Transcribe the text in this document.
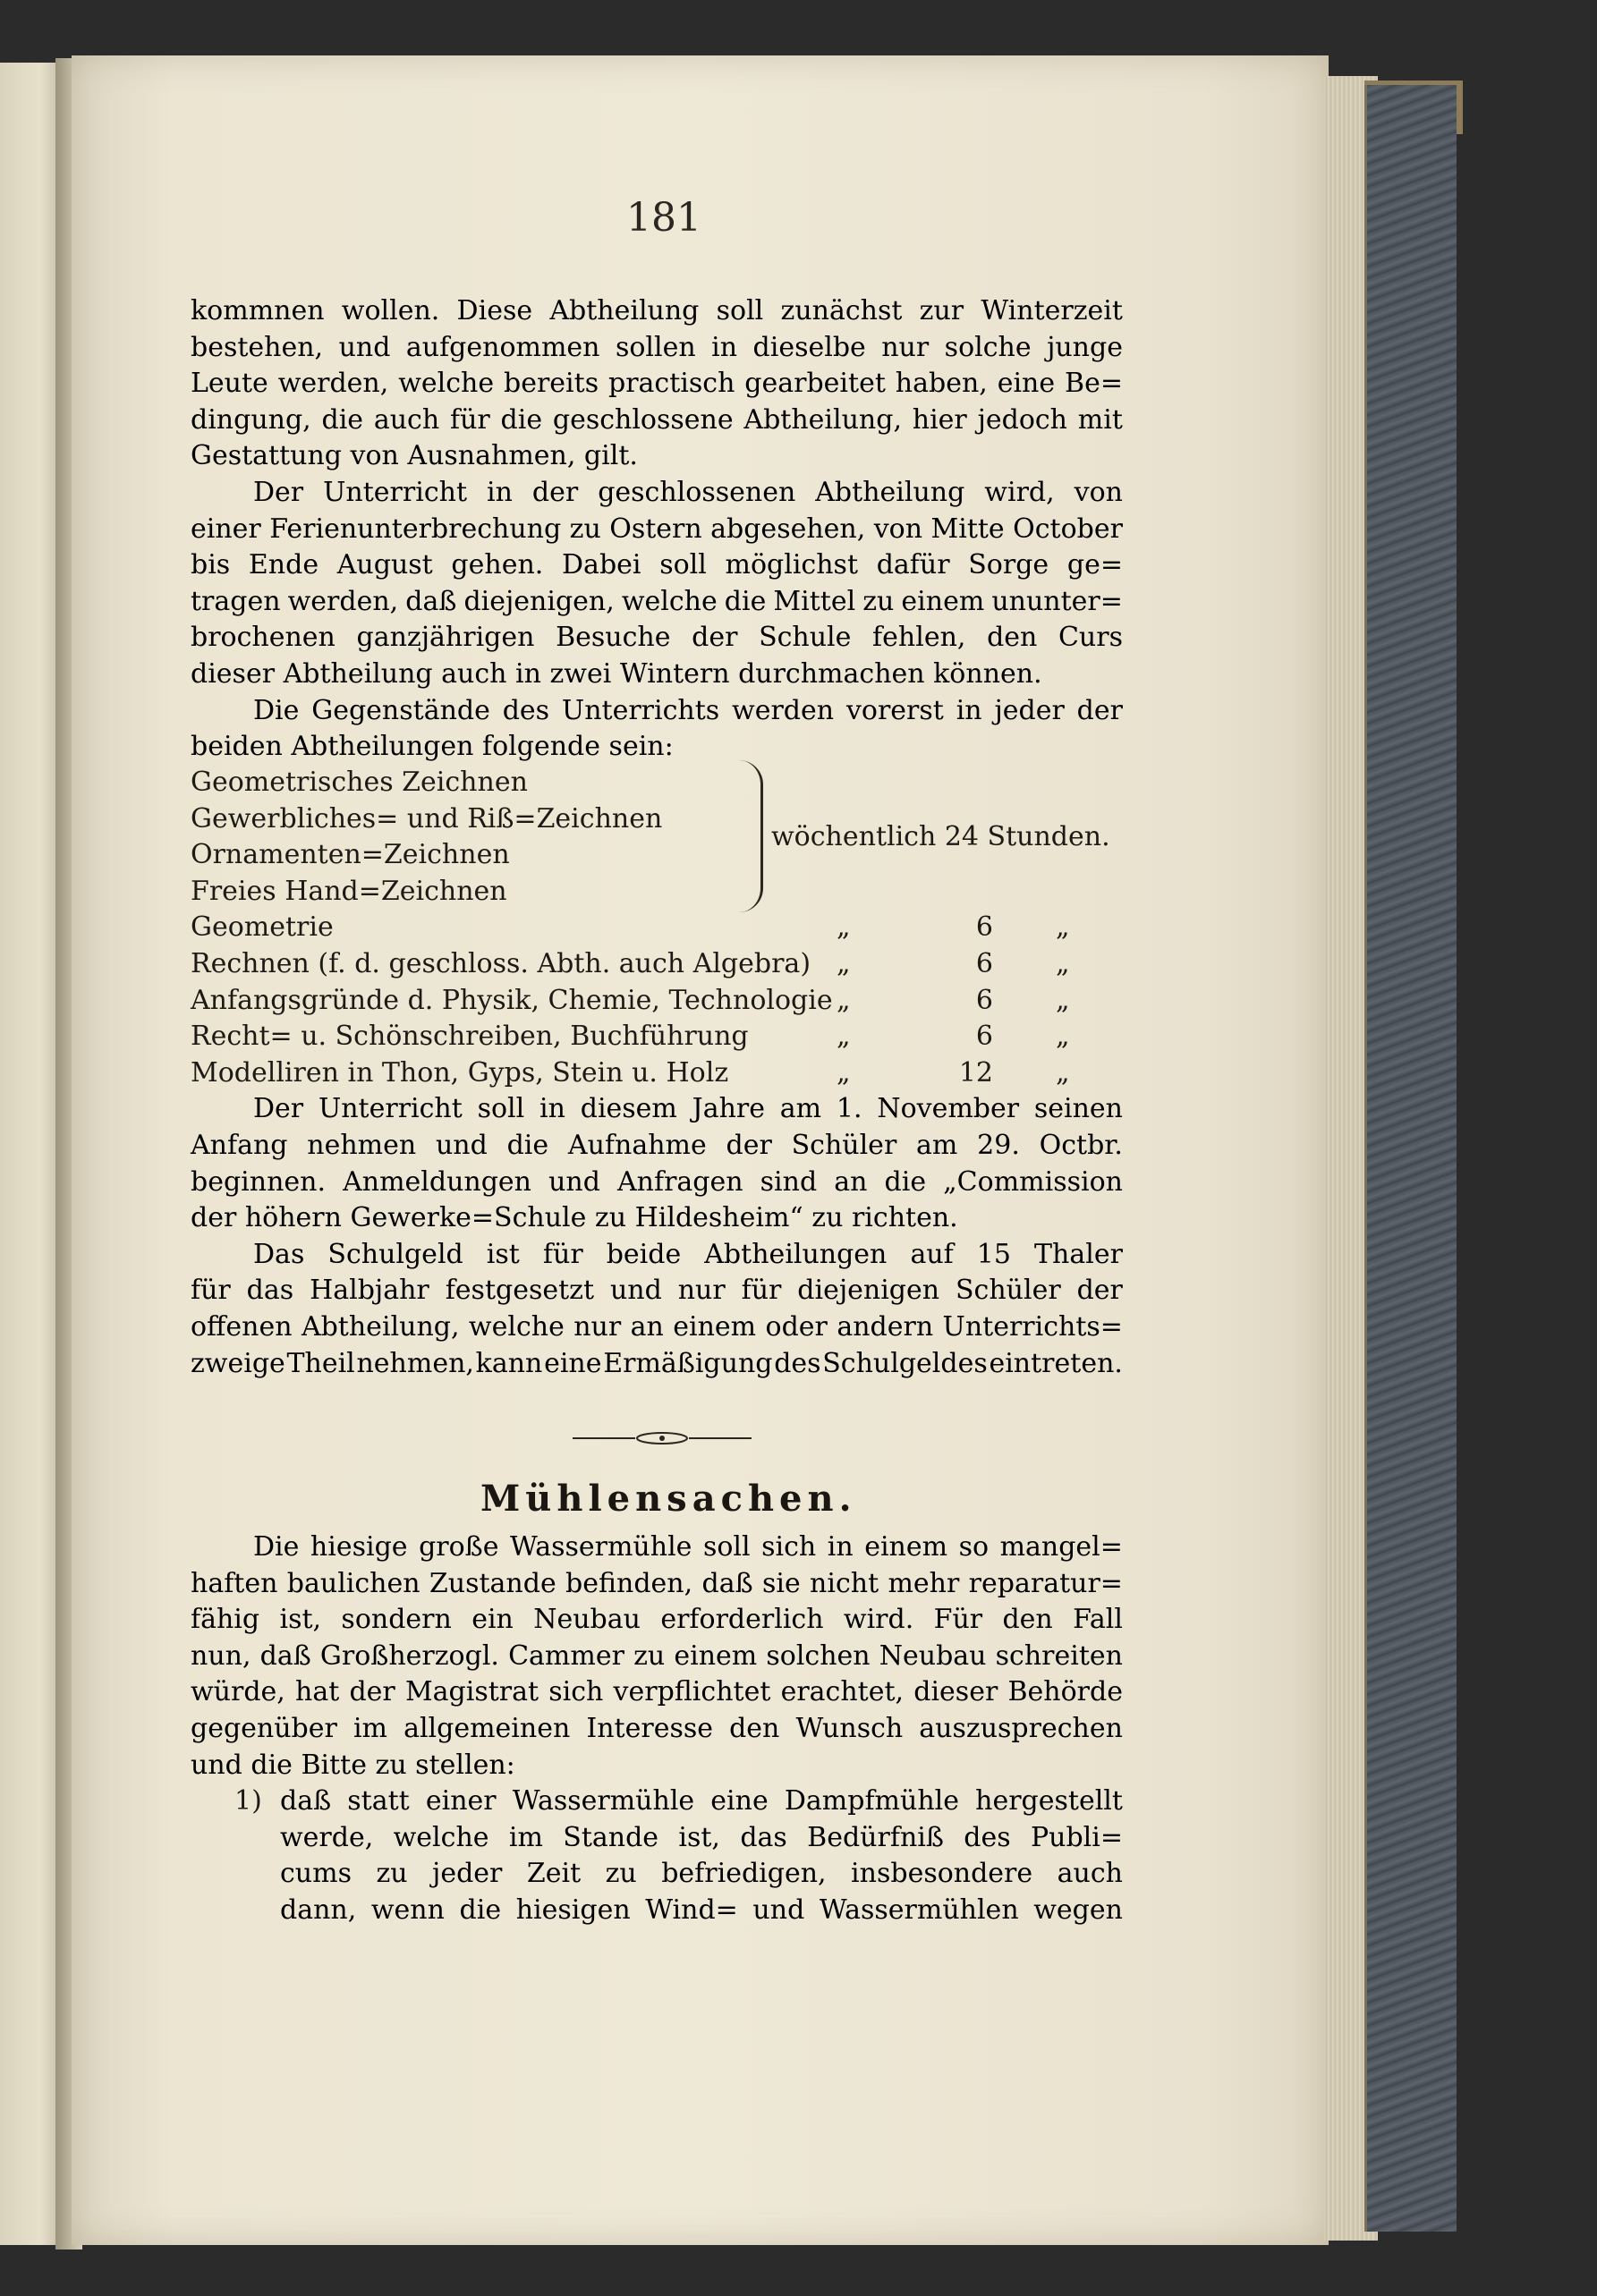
181
Mühlensachen.
kommnen wollen. Diese Abtheilung soll zunächst zur Winterzeit
bestehen, und aufgenommen sollen in dieselbe nur solche junge
Leute werden, welche bereits practisch gearbeitet haben, eine Be=
dingung, die auch für die geschlossene Abtheilung, hier jedoch mit
Gestattung von Ausnahmen, gilt.
Der Unterricht in der geschlossenen Abtheilung wird, von
einer Ferienunterbrechung zu Ostern abgesehen, von Mitte October
bis Ende August gehen. Dabei soll möglichst dafür Sorge ge=
tragen werden, daß diejenigen, welche die Mittel zu einem ununter=
brochenen ganzjährigen Besuche der Schule fehlen, den Curs
dieser Abtheilung auch in zwei Wintern durchmachen können.
Die Gegenstände des Unterrichts werden vorerst in jeder der
beiden Abtheilungen folgende sein:
Geometrisches Zeichnen
Gewerbliches= und Riß=Zeichnen
Ornamenten=Zeichnen
Freies Hand=Zeichnen
wöchentlich 24 Stunden.
Geometrie	„	6 „
Rechnen (f. d. geschloss. Abth. auch Algebra) „	6 „
Anfangsgründe d. Physik, Chemie, Technologie „	6 „
Recht= u. Schönschreiben, Buchführung	„	6 „
Modelliren in Thon, Gyps, Stein u. Holz	„	12 „
Der Unterricht soll in diesem Jahre am 1. November seinen
Anfang nehmen und die Aufnahme der Schüler am 29. Octbr.
beginnen. Anmeldungen und Anfragen sind an die „Commission
der höhern Gewerke=Schule zu Hildesheim“ zu richten.
Das Schulgeld ist für beide Abtheilungen auf 15 Thaler
für das Halbjahr festgesetzt und nur für diejenigen Schüler der
offenen Abtheilung, welche nur an einem oder andern Unterrichts=
zweige Theil nehmen, kann eine Ermäßigung des Schulgeldes eintreten.
Die hiesige große Wassermühle soll sich in einem so mangel=
haften baulichen Zustande befinden, daß sie nicht mehr reparatur=
fähig ist, sondern ein Neubau erforderlich wird. Für den Fall
nun, daß Großherzogl. Cammer zu einem solchen Neubau schreiten
würde, hat der Magistrat sich verpflichtet erachtet, dieser Behörde
gegenüber im allgemeinen Interesse den Wunsch auszusprechen
und die Bitte zu stellen:
1) daß statt einer Wassermühle eine Dampfmühle hergestellt
werde, welche im Stande ist, das Bedürfniß des Publi=
cums zu jeder Zeit zu befriedigen, insbesondere auch
dann, wenn die hiesigen Wind= und Wassermühlen wegen
